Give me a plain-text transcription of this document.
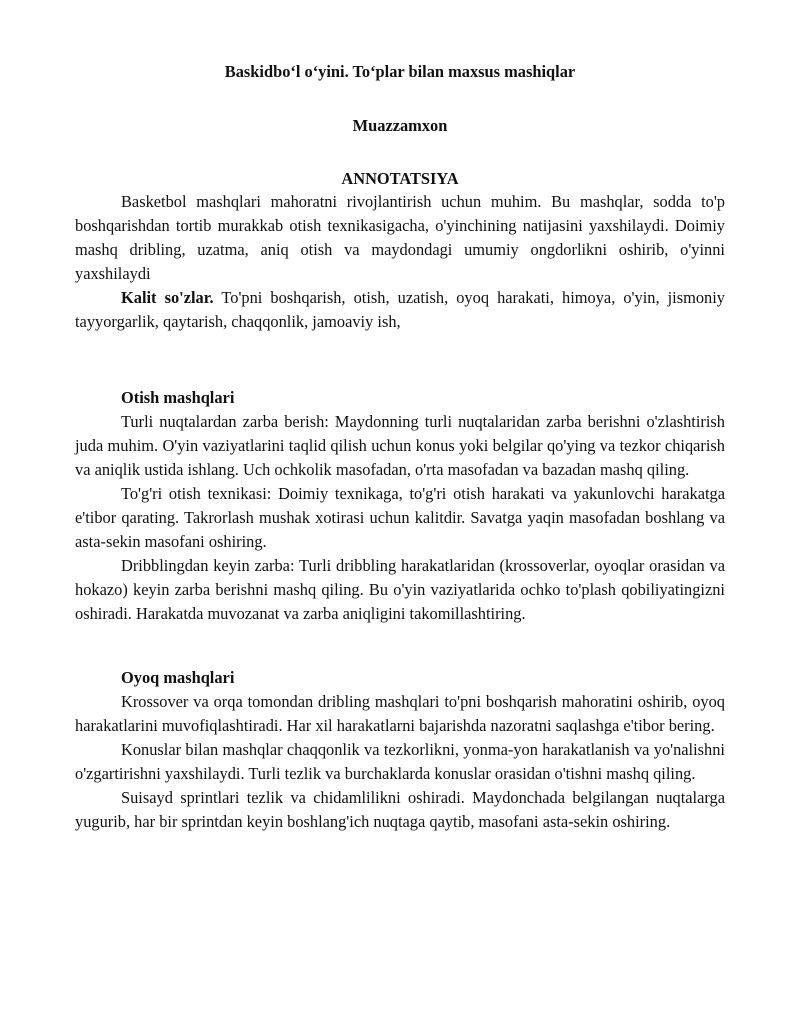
Baskidbo‘l o‘yini. To‘plar bilan maxsus mashiqlar
Muazzamxon
ANNOTATSIYA

Basketbol mashqlari mahoratni rivojlantirish uchun muhim. Bu mashqlar, sodda to'p boshqarishdan tortib murakkab otish texnikasigacha, o'yinchining natijasini yaxshilaydi. Doimiy mashq dribling, uzatma, aniq otish va maydondagi umumiy ongdorlikni oshirib, o'yinni yaxshilaydi

Kalit so'zlar. To'pni boshqarish, otish, uzatish, oyoq harakati, himoya, o'yin, jismoniy tayyorgarlik, qaytarish, chaqqonlik, jamoaviy ish,

Otish mashqlari

Turli nuqtalardan zarba berish: Maydonning turli nuqtalaridan zarba berishni o'zlashtirish juda muhim. O'yin vaziyatlarini taqlid qilish uchun konus yoki belgilar qo'ying va tezkor chiqarish va aniqlik ustida ishlang. Uch ochkolik masofadan, o'rta masofadan va bazadan mashq qiling.

To'g'ri otish texnikasi: Doimiy texnikaga, to'g'ri otish harakati va yakunlovchi harakatga e'tibor qarating. Takrorlash mushak xotirasi uchun kalitdir. Savatga yaqin masofadan boshlang va asta-sekin masofani oshiring.

Dribblingdan keyin zarba: Turli dribbling harakatlaridan (krossoverlar, oyoqlar orasidan va hokazo) keyin zarba berishni mashq qiling. Bu o'yin vaziyatlarida ochko to'plash qobiliyatingizni oshiradi. Harakatda muvozanat va zarba aniqligini takomillashtiring.

Oyoq mashqlari

Krossover va orqa tomondan dribling mashqlari to'pni boshqarish mahoratini oshirib, oyoq harakatlarini muvofiqlashtiradi. Har xil harakatlarni bajarishda nazoratni saqlashga e'tibor bering.

Konuslar bilan mashqlar chaqqonlik va tezkorlikni, yonma-yon harakatlanish va yo'nalishni o'zgartirishni yaxshilaydi. Turli tezlik va burchaklarda konuslar orasidan o'tishni mashq qiling.

Suisayd sprintlari tezlik va chidamlilikni oshiradi. Maydonchada belgilangan nuqtalarga yugurib, har bir sprintdan keyin boshlang'ich nuqtaga qaytib, masofani asta-sekin oshiring.
